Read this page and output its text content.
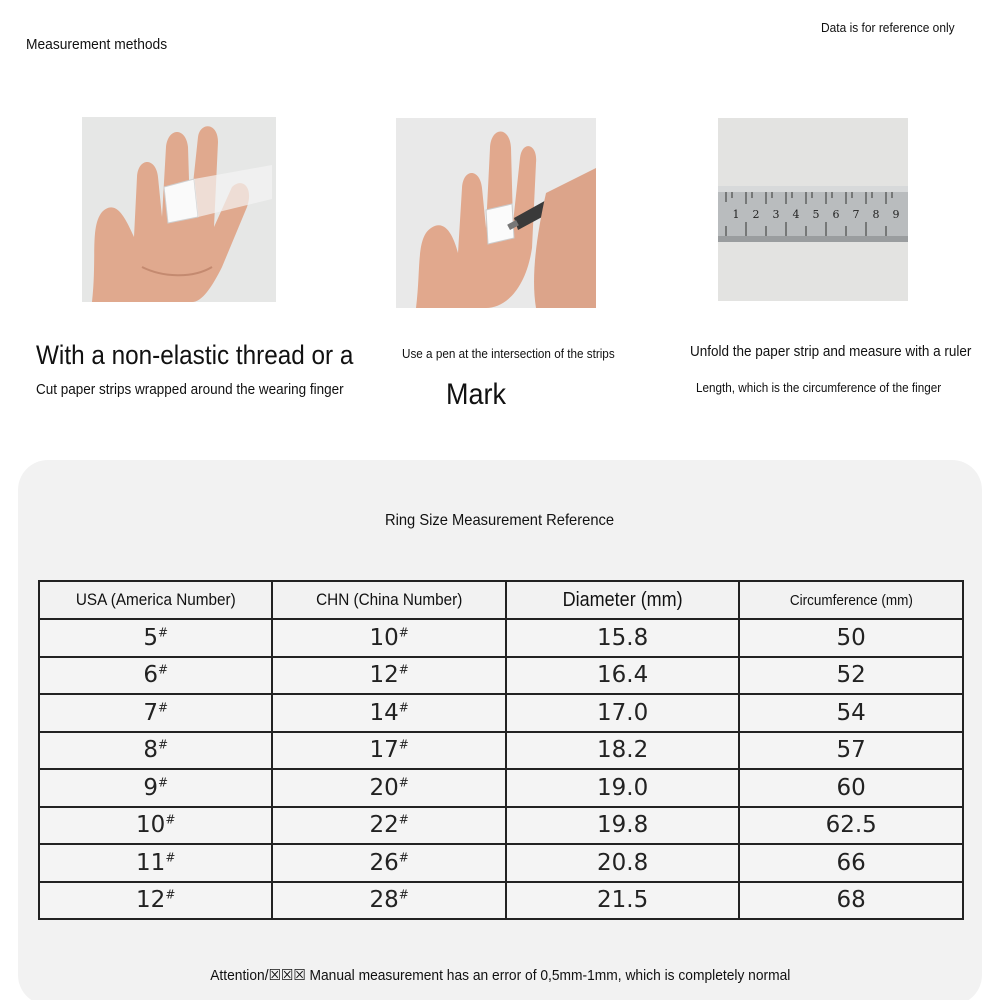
Measurement methods
Data is for reference only
1 2 3 4 5 6 7 8 9
With a non-elastic thread or a
Cut paper strips wrapped around the wearing finger
Use a pen at the intersection of the strips
Mark
Unfold the paper strip and measure with a ruler
Length, which is the circumference of the finger
Ring Size Measurement Reference
USA (America Number)	CHN (China Number)	Diameter (mm)	Circumference (mm)
5#	10#	15.8	50
6#	12#	16.4	52
7#	14#	17.0	54
8#	17#	18.2	57
9#	20#	19.0	60
10#	22#	19.8	62.5
11#	26#	20.8	66
12#	28#	21.5	68
Attention/☒☒☒ Manual measurement has an error of 0,5mm-1mm, which is completely normal
